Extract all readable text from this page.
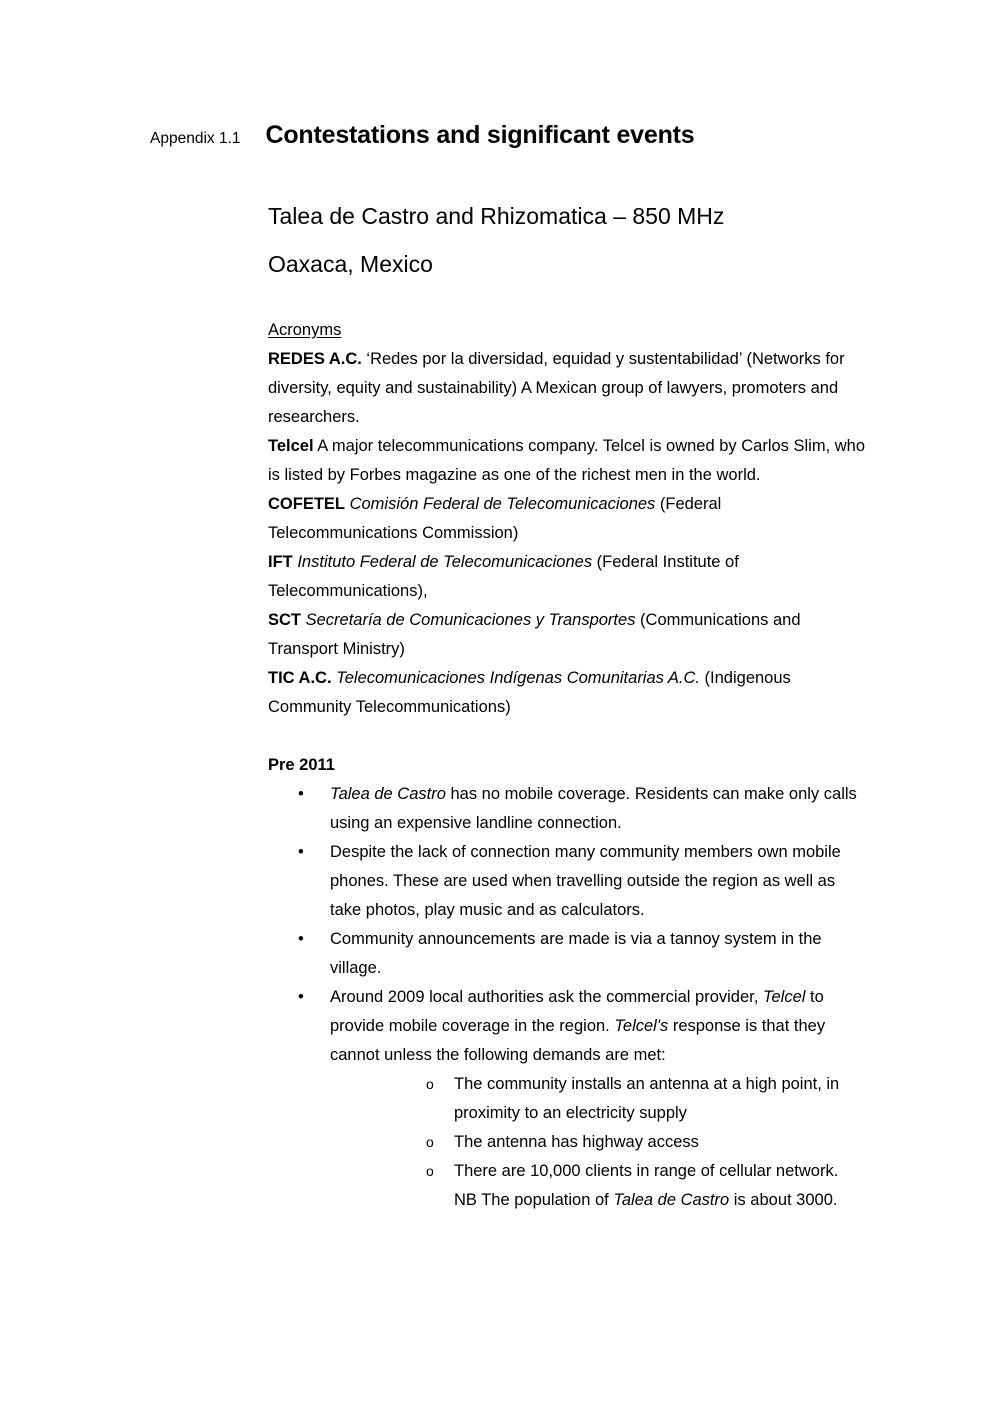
Appendix 1.1 Contestations and significant events
Talea de Castro and Rhizomatica – 850 MHz
Oaxaca, Mexico
Acronyms

REDES A.C. ‘Redes por la diversidad, equidad y sustentabilidad’ (Networks for diversity, equity and sustainability) A Mexican group of lawyers, promoters and researchers.

Telcel A major telecommunications company. Telcel is owned by Carlos Slim, who is listed by Forbes magazine as one of the richest men in the world.

COFETEL Comisión Federal de Telecomunicaciones (Federal Telecommunications Commission)

IFT Instituto Federal de Telecomunicaciones (Federal Institute of Telecommunications),

SCT Secretaría de Comunicaciones y Transportes (Communications and Transport Ministry)

TIC A.C. Telecomunicaciones Indígenas Comunitarias A.C. (Indigenous Community Telecommunications)

Pre 2011
• Talea de Castro has no mobile coverage. Residents can make only calls using an expensive landline connection.
• Despite the lack of connection many community members own mobile phones. These are used when travelling outside the region as well as take photos, play music and as calculators.
• Community announcements are made is via a tannoy system in the village.
• Around 2009 local authorities ask the commercial provider, Telcel to provide mobile coverage in the region. Telcel's response is that they cannot unless the following demands are met:
o The community installs an antenna at a high point, in proximity to an electricity supply
o The antenna has highway access
o There are 10,000 clients in range of cellular network.
NB The population of Talea de Castro is about 3000.
